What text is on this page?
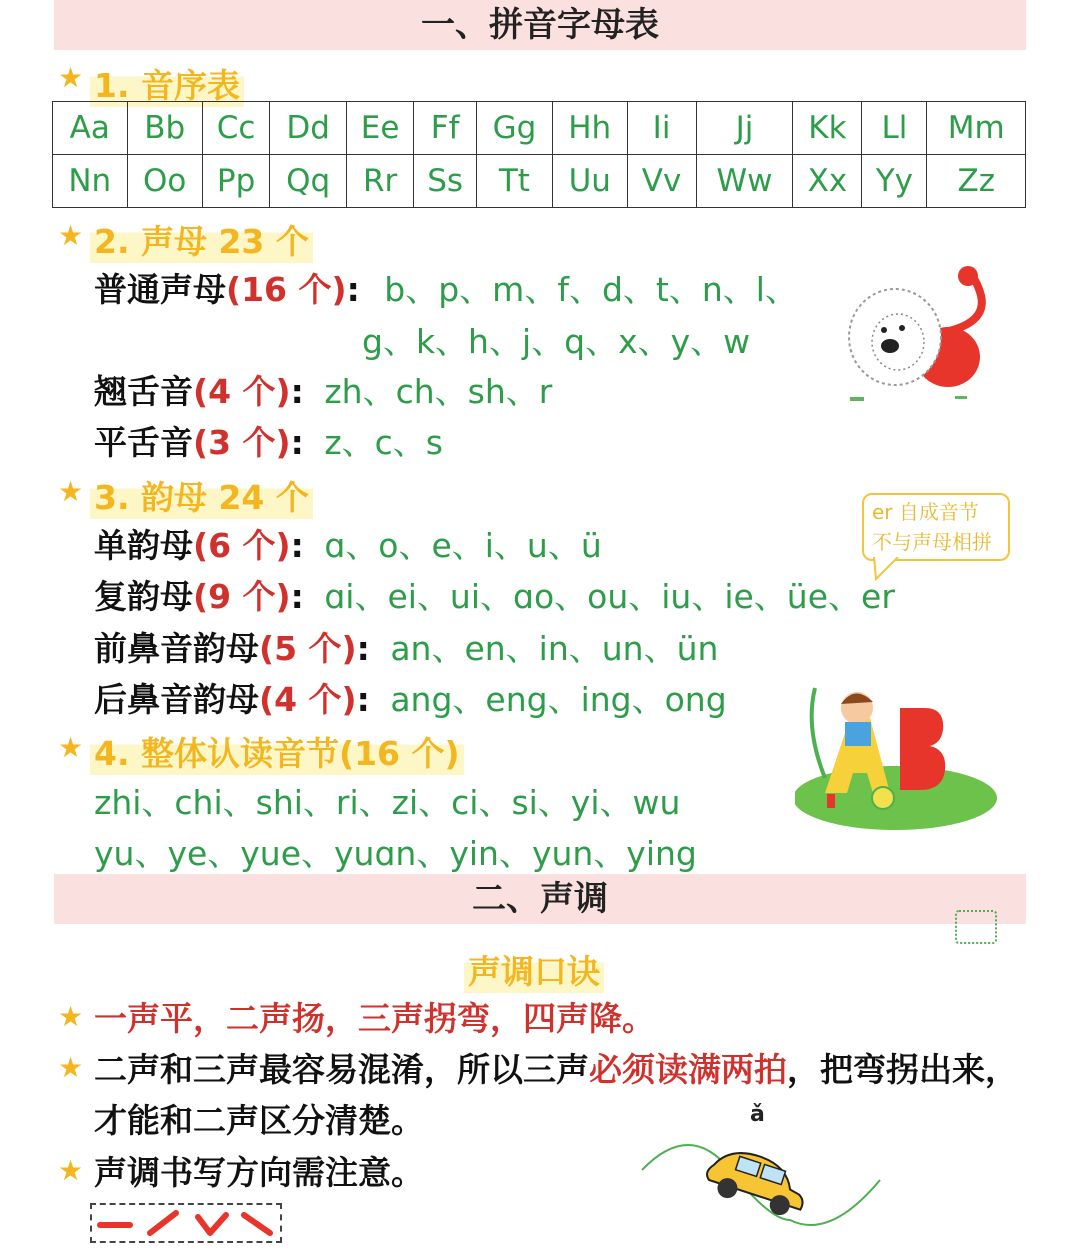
一、拼音字母表
★ 1. 音序表
Aa	Bb	Cc	Dd	Ee	Ff	Gg	Hh	Ii	Jj	Kk	Ll	Mm
Nn	Oo	Pp	Qq	Rr	Ss	Tt	Uu	Vv	Ww	Xx	Yy	Zz
★ 2. 声母 23 个
普通声母(16 个): b、p、m、f、d、t、n、l、
g、k、h、j、q、x、y、w
翘舌音(4 个): zh、ch、sh、r
平舌音(3 个): z、c、s
★ 3. 韵母 24 个	er 自成音节
不与声母相拼
单韵母(6 个): ɑ、o、e、i、u、ü
复韵母(9 个): ɑi、ei、ui、ɑo、ou、iu、ie、üe、er
前鼻音韵母(5 个): an、en、in、un、ün
后鼻音韵母(4 个): ang、eng、ing、ong
★ 4. 整体认读音节(16 个)
zhi、chi、shi、ri、zi、ci、si、yi、wu
yu、ye、yue、yuɑn、yin、yun、ying
二、声调
声调口诀
★ 一声平，二声扬，三声拐弯，四声降。
★ 二声和三声最容易混淆，所以三声必须读满两拍，把弯拐出来，
才能和二声区分清楚。
★ 声调书写方向需注意。
ǎ
